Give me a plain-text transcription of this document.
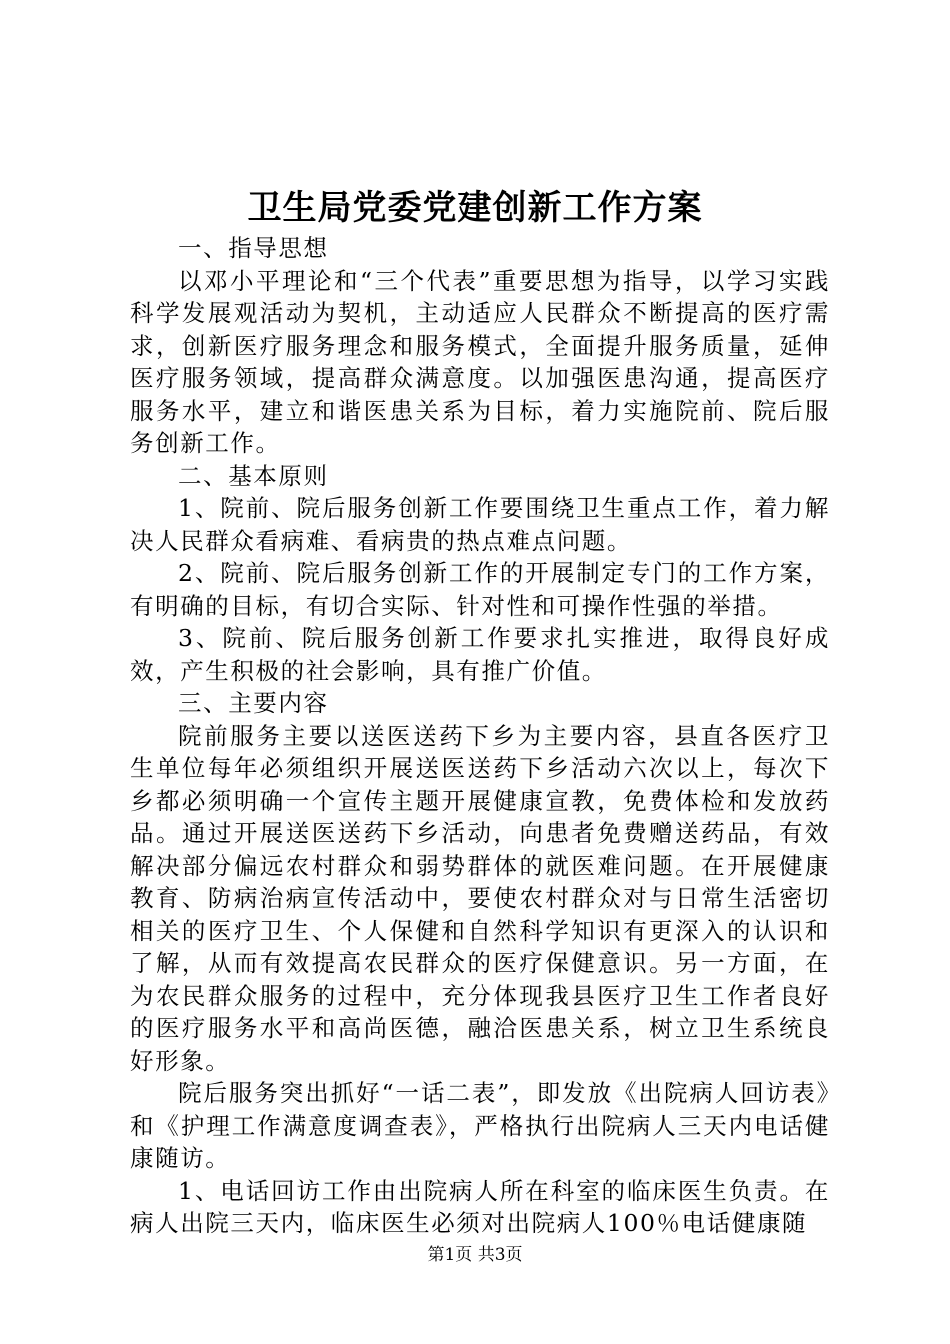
卫生局党委党建创新工作方案

一、指导思想

以邓小平理论和“三个代表”重要思想为指导，以学习实践科学发展观活动为契机，主动适应人民群众不断提高的医疗需求，创新医疗服务理念和服务模式，全面提升服务质量，延伸医疗服务领域，提高群众满意度。以加强医患沟通，提高医疗服务水平，建立和谐医患关系为目标，着力实施院前、院后服务创新工作。

二、基本原则

1、院前、院后服务创新工作要围绕卫生重点工作，着力解决人民群众看病难、看病贵的热点难点问题。

2、院前、院后服务创新工作的开展制定专门的工作方案，有明确的目标，有切合实际、针对性和可操作性强的举措。

3、院前、院后服务创新工作要求扎实推进，取得良好成效，产生积极的社会影响，具有推广价值。

三、主要内容

院前服务主要以送医送药下乡为主要内容，县直各医疗卫生单位每年必须组织开展送医送药下乡活动六次以上，每次下乡都必须明确一个宣传主题开展健康宣教，免费体检和发放药品。通过开展送医送药下乡活动，向患者免费赠送药品，有效解决部分偏远农村群众和弱势群体的就医难问题。在开展健康教育、防病治病宣传活动中，要使农村群众对与日常生活密切相关的医疗卫生、个人保健和自然科学知识有更深入的认识和了解，从而有效提高农民群众的医疗保健意识。另一方面，在为农民群众服务的过程中，充分体现我县医疗卫生工作者良好的医疗服务水平和高尚医德，融洽医患关系，树立卫生系统良好形象。

院后服务突出抓好“一话二表”，即发放《出院病人回访表》和《护理工作满意度调查表》，严格执行出院病人三天内电话健康随访。

1、电话回访工作由出院病人所在科室的临床医生负责。在病人出院三天内，临床医生必须对出院病人100％电话健康随

第1页 共3页
